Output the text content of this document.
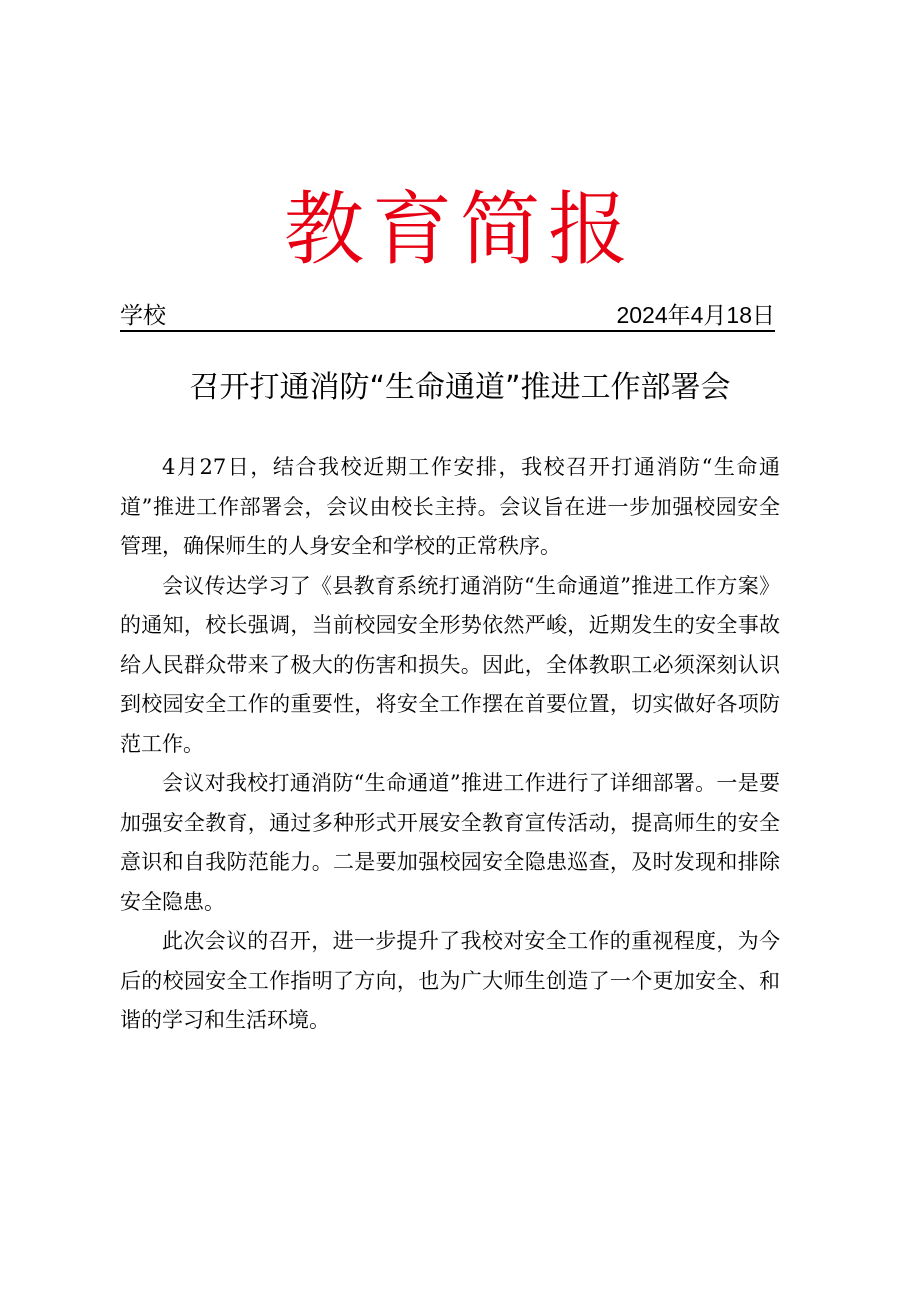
教育简报
学校	2024年4月18日
召开打通消防“生命通道”推进工作部署会

4月27日，结合我校近期工作安排，我校召开打通消防“生命通道”推进工作部署会，会议由校长主持。会议旨在进一步加强校园安全管理，确保师生的人身安全和学校的正常秩序。

会议传达学习了《县教育系统打通消防“生命通道”推进工作方案》的通知，校长强调，当前校园安全形势依然严峻，近期发生的安全事故给人民群众带来了极大的伤害和损失。因此，全体教职工必须深刻认识到校园安全工作的重要性，将安全工作摆在首要位置，切实做好各项防范工作。

会议对我校打通消防“生命通道”推进工作进行了详细部署。一是要加强安全教育，通过多种形式开展安全教育宣传活动，提高师生的安全意识和自我防范能力。二是要加强校园安全隐患巡查，及时发现和排除安全隐患。

此次会议的召开，进一步提升了我校对安全工作的重视程度，为今后的校园安全工作指明了方向，也为广大师生创造了一个更加安全、和谐的学习和生活环境。
